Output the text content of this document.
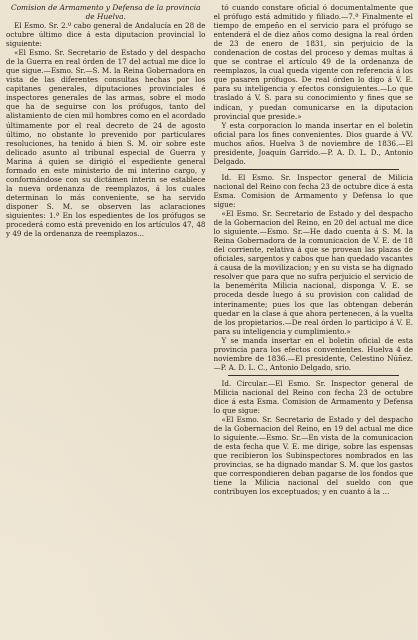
Comision de Armamento y Defensa de la provincia de Huelva.

El Esmo. Sr. 2.º cabo general de Andalucía en 28 de octubre último dice á esta diputacion provincial lo siguiente:

«El Esmo. Sr. Secretario de Estado y del despacho de la Guerra en real órden de 17 del actual me dice lo que sigue.—Esmo. Sr.—S. M. la Reina Gobernadora en vista de las diferentes consultas hechas por los capitanes generales, diputaciones provinciales é inspectores generales de las armas, sobre el modo que ha de seguirse con los prófugos, tanto del alistamiento de cien mil hombres como en el acordado últimamente por el real decreto de 24 de agosto último, no obstante lo prevenido por particulares resoluciones, ha tenido á bien S. M. oir sobre este delicado asunto al tribunal especial de Guerra y Marina á quien se dirigió el espediente general formado en este ministerio de mi interino cargo, y conformándose con su dictámen interin se establece la nueva ordenanza de reemplazos, á los cuales determinan lo más conveniente, se ha servido disponer S. M. se observen las aclaraciones siguientes: 1.ª En los espedientes de los prófugos se procederá como está prevenido en los artículos 47, 48 y 49 de la ordenanza de reemplazos...

tó cuando constare oficial ó documentalmente que el prófugo está admitido y filiado.—7.ª Finalmente el tiempo de empeño en el servicio para el prófugo se entenderá el de diez años como designa la real órden de 23 de enero de 1831, sin perjuicio de la condenacion de costas del proceso y demas multas á que se contrae el artículo 49 de la ordenanza de reemplazos, la cual queda vigente con referencia á los que pasaren prófugos. De real órden lo digo á V. E. para su inteligencia y efectos consiguientes.—Lo que traslado á V. S. para su conocimiento y fines que se indican, y puedan comunicarse en la diputacion provincial que preside.»

Y esta corporacion lo manda insertar en el boletin oficial para los fines convenientes. Dios guarde á VV. muchos años. Huelva 3 de noviembre de 1836.—El presidente, Joaquin Garrido.—P. A. D. L. D., Antonio Delgado.

Id. El Esmo. Sr. Inspector general de Milicia nacional del Reino con fecha 23 de octubre dice á esta Esma. Comision de Armamento y Defensa lo que sigue:

«El Esmo. Sr. Secretario de Estado y del despacho de la Gobernacion del Reino, en 20 del actual me dice lo siguiente.—Esmo. Sr.—He dado cuenta á S. M. la Reina Gobernadora de la comunicacion de V. E. de 18 del corriente, relativa á que se provean las plazas de oficiales, sargentos y cabos que han quedado vacantes á causa de la movilizacion; y en su vista se ha dignado resolver que para que no sufra perjuicio el servicio de la benemérita Milicia nacional, disponga V. E. se proceda desde luego á su provision con calidad de interinamente; pues los que las obtengan deberán quedar en la clase á que ahora pertenecen, á la vuelta de los propietarios.—De real órden lo participo á V. E. para su inteligencia y cumplimiento.»

Y se manda insertar en el boletin oficial de esta provincia para los efectos convenientes. Huelva 4 de noviembre de 1836.—El presidente, Celestino Núñez.—P. A. D. L. C., Antonio Delgado, srio.

Id. Circular.—El Esmo. Sr. Inspector general de Milicia nacional del Reino con fecha 23 de octubre dice á esta Esma. Comision de Armamento y Defensa lo que sigue:

«El Esmo. Sr. Secretario de Estado y del despacho de la Gobernacion del Reino, en 19 del actual me dice lo siguiente.—Esmo. Sr.—En vista de la comunicacion de esta fecha que V. E. me dirige, sobre las espensas que recibieron los Subinspectores nombrados en las provincias, se ha dignado mandar S. M. que los gastos que correspondieren deban pagarse de los fondos que tiene la Milicia nacional del sueldo con que contribuyen los exceptuados; y en cuanto á la ...
